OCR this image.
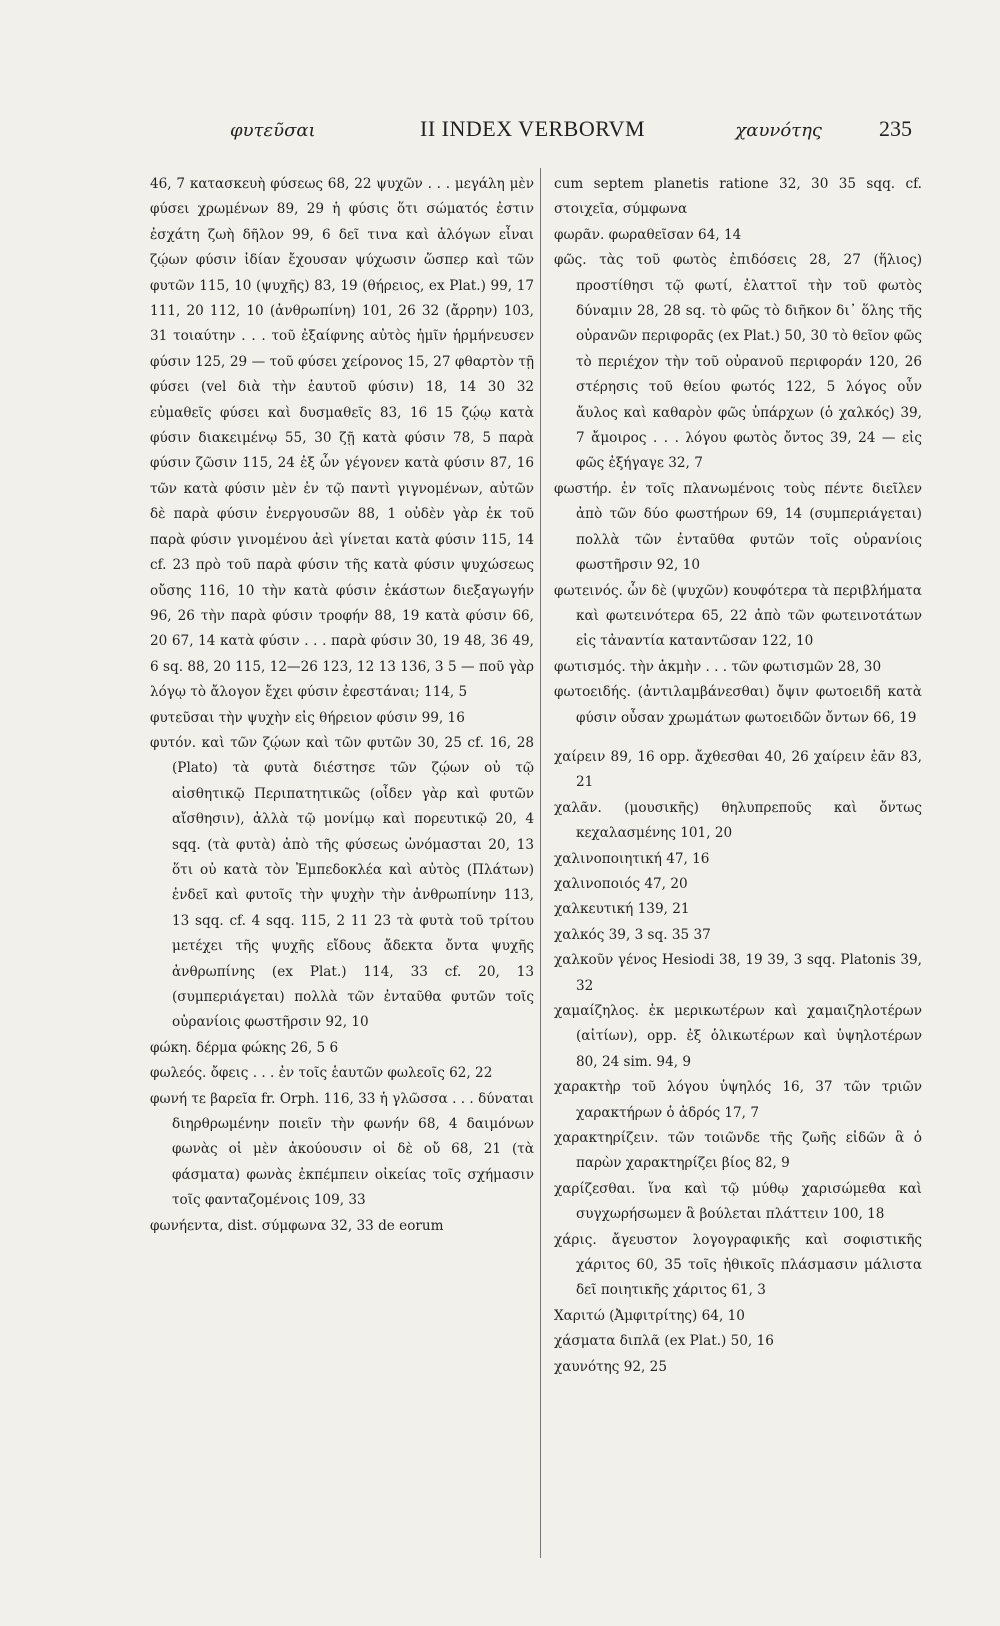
φυτεῦσαι	II INDEX VERBORVM	χαυνότης	235

46, 7 κατασκευὴ φύσεως 68, 22 ψυχῶν . . . μεγάλη μὲν φύσει χρωμένων 89, 29 ἡ φύσις ὅτι σώματός ἐστιν ἐσχάτη ζωὴ δῆλον 99, 6 δεῖ τινα καὶ ἀλόγων εἶναι ζῴων φύσιν ἰδίαν ἔχουσαν ψύχωσιν ὥσπερ καὶ τῶν φυτῶν 115, 10 (ψυχῆς) 83, 19 (θήρειος, ex Plat.) 99, 17 111, 20 112, 10 (ἀνθρωπίνη) 101, 26 32 (ἄρρην) 103, 31 τοιαύτην . . . τοῦ ἐξαίφνης αὐτὸς ἡμῖν ἡρμήνευσεν φύσιν 125, 29 — τοῦ φύσει χείρονος 15, 27 φθαρτὸν τῇ φύσει (vel διὰ τὴν ἑαυτοῦ φύσιν) 18, 14 30 32 εὐμαθεῖς φύσει καὶ δυσμαθεῖς 83, 16 15 ζῴῳ κατὰ φύσιν διακειμένῳ 55, 30 ζῇ κατὰ φύσιν 78, 5 παρὰ φύσιν ζῶσιν 115, 24 ἐξ ὧν γέγονεν κατὰ φύσιν 87, 16 τῶν κατὰ φύσιν μὲν ἐν τῷ παντὶ γιγνομένων, αὐτῶν δὲ παρὰ φύσιν ἐνεργουσῶν 88, 1 οὐδὲν γὰρ ἐκ τοῦ παρὰ φύσιν γινομένου ἀεὶ γίνεται κατὰ φύσιν 115, 14 cf. 23 πρὸ τοῦ παρὰ φύσιν τῆς κατὰ φύσιν ψυχώσεως οὔσης 116, 10 τὴν κατὰ φύσιν ἑκάστων διεξαγωγήν 96, 26 τὴν παρὰ φύσιν τροφήν 88, 19 κατὰ φύσιν 66, 20 67, 14 κατὰ φύσιν . . . παρὰ φύσιν 30, 19 48, 36 49, 6 sq. 88, 20 115, 12—26 123, 12 13 136, 3 5 — ποῦ γὰρ λόγῳ τὸ ἄλογον ἔχει φύσιν ἐφεστάναι; 114, 5

φυτεῦσαι τὴν ψυχὴν εἰς θήρειον φύσιν 99, 16

φυτόν. καὶ τῶν ζῴων καὶ τῶν φυτῶν 30, 25 cf. 16, 28 (Plato) τὰ φυτὰ διέστησε τῶν ζῴων οὐ τῷ αἰσθητικῷ Περιπατητικῶς (οἶδεν γὰρ καὶ φυτῶν αἴσθησιν), ἀλλὰ τῷ μονίμῳ καὶ πορευτικῷ 20, 4 sqq. (τὰ φυτὰ) ἀπὸ τῆς φύσεως ὠνόμασται 20, 13 ὅτι οὐ κατὰ τὸν Ἐμπεδοκλέα καὶ αὐτὸς (Πλάτων) ἐνδεῖ καὶ φυτοῖς τὴν ψυχὴν τὴν ἀνθρωπίνην 113, 13 sqq. cf. 4 sqq. 115, 2 11 23 τὰ φυτὰ τοῦ τρίτου μετέχει τῆς ψυχῆς εἴδους ἄδεκτα ὄντα ψυχῆς ἀνθρωπίνης (ex Plat.) 114, 33 cf. 20, 13 (συμπεριάγεται) πολλὰ τῶν ἐνταῦθα φυτῶν τοῖς οὐρανίοις φωστῆρσιν 92, 10

φώκη. δέρμα φώκης 26, 5 6

φωλεός. ὄφεις . . . ἐν τοῖς ἑαυτῶν φωλεοῖς 62, 22

φωνή τε βαρεῖα fr. Orph. 116, 33 ἡ γλῶσσα . . . δύναται διηρθρωμένην ποιεῖν τὴν φωνήν 68, 4 δαιμόνων φωνὰς οἱ μὲν ἀκούουσιν οἱ δὲ οὔ 68, 21 (τὰ φάσματα) φωνὰς ἐκπέμπειν οἰκείας τοῖς σχήμασιν τοῖς φανταζομένοις 109, 33

φωνήεντα, dist. σύμφωνα 32, 33 de eorum

cum septem planetis ratione 32, 30 35 sqq. cf. στοιχεῖα, σύμφωνα

φωρᾶν. φωραθεῖσαν 64, 14

φῶς. τὰς τοῦ φωτὸς ἐπιδόσεις 28, 27 (ἥλιος) προστίθησι τῷ φωτί, ἐλαττοῖ τὴν τοῦ φωτὸς δύναμιν 28, 28 sq. τὸ φῶς τὸ διῆκον δι᾽ ὅλης τῆς οὐρανῶν περιφορᾶς (ex Plat.) 50, 30 τὸ θεῖον φῶς τὸ περιέχον τὴν τοῦ οὐρανοῦ περιφοράν 120, 26 στέρησις τοῦ θείου φωτός 122, 5 λόγος οὖν ἄυλος καὶ καθαρὸν φῶς ὑπάρχων (ὁ χαλκός) 39, 7 ἄμοιρος . . . λόγου φωτὸς ὄντος 39, 24 — εἰς φῶς ἐξήγαγε 32, 7

φωστήρ. ἐν τοῖς πλανωμένοις τοὺς πέντε διεῖλεν ἀπὸ τῶν δύο φωστήρων 69, 14 (συμπεριάγεται) πολλὰ τῶν ἐνταῦθα φυτῶν τοῖς οὐρανίοις φωστῆρσιν 92, 10

φωτεινός. ὧν δὲ (ψυχῶν) κουφότερα τὰ περιβλήματα καὶ φωτεινότερα 65, 22 ἀπὸ τῶν φωτεινοτάτων εἰς τἀναντία καταντῶσαν 122, 10

φωτισμός. τὴν ἀκμὴν . . . τῶν φωτισμῶν 28, 30

φωτοειδής. (ἀντιλαμβάνεσθαι) ὄψιν φωτοειδῆ κατὰ φύσιν οὖσαν χρωμάτων φωτοειδῶν ὄντων 66, 19

χαίρειν 89, 16 opp. ἄχθεσθαι 40, 26 χαίρειν ἐᾶν 83, 21

χαλᾶν. (μουσικῆς) θηλυπρεποῦς καὶ ὄντως κεχαλασμένης 101, 20

χαλινοποιητική 47, 16

χαλινοποιός 47, 20

χαλκευτική 139, 21

χαλκός 39, 3 sq. 35 37

χαλκοῦν γένος Hesiodi 38, 19 39, 3 sqq. Platonis 39, 32

χαμαίζηλος. ἐκ μερικωτέρων καὶ χαμαιζηλοτέρων (αἰτίων), opp. ἐξ ὁλικωτέρων καὶ ὑψηλοτέρων 80, 24 sim. 94, 9

χαρακτὴρ τοῦ λόγου ὑψηλός 16, 37 τῶν τριῶν χαρακτήρων ὁ ἁδρός 17, 7

χαρακτηρίζειν. τῶν τοιῶνδε τῆς ζωῆς εἰδῶν ἃ ὁ παρὼν χαρακτηρίζει βίος 82, 9

χαρίζεσθαι. ἵνα καὶ τῷ μύθῳ χαρισώμεθα καὶ συγχωρήσωμεν ἃ βούλεται πλάττειν 100, 18

χάρις. ἄγευστον λογογραφικῆς καὶ σοφιστικῆς χάριτος 60, 35 τοῖς ἠθικοῖς πλάσμασιν μάλιστα δεῖ ποιητικῆς χάριτος 61, 3

Χαριτώ (Ἀμφιτρίτης) 64, 10

χάσματα διπλᾶ (ex Plat.) 50, 16

χαυνότης 92, 25
